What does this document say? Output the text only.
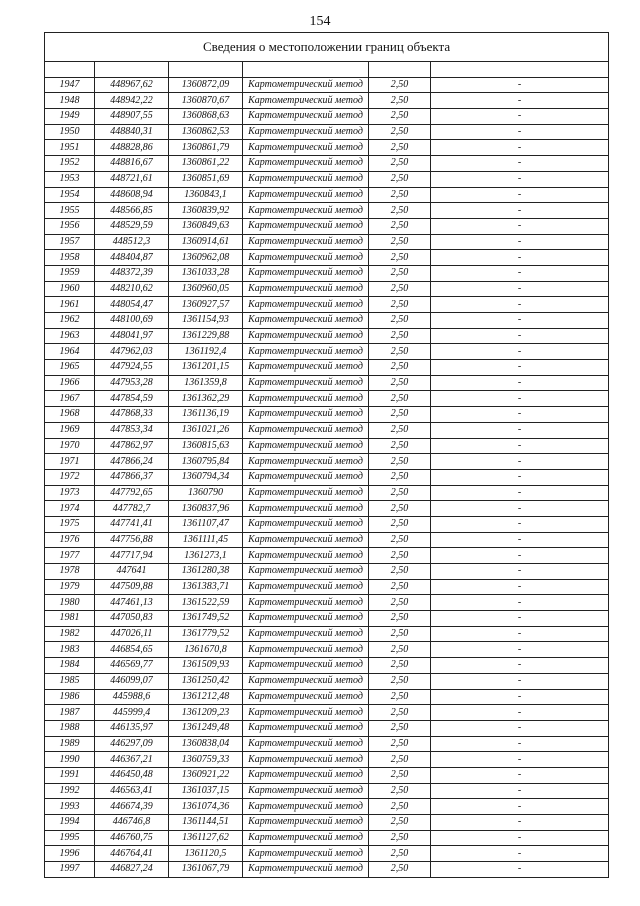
154
Сведения о местоположении границ объекта					

1947	448967,62	1360872,09	Картометрический метод	2,50	-
1948	448942,22	1360870,67	Картометрический метод	2,50	-
1949	448907,55	1360868,63	Картометрический метод	2,50	-
1950	448840,31	1360862,53	Картометрический метод	2,50	-
1951	448828,86	1360861,79	Картометрический метод	2,50	-
1952	448816,67	1360861,22	Картометрический метод	2,50	-
1953	448721,61	1360851,69	Картометрический метод	2,50	-
1954	448608,94	1360843,1	Картометрический метод	2,50	-
1955	448566,85	1360839,92	Картометрический метод	2,50	-
1956	448529,59	1360849,63	Картометрический метод	2,50	-
1957	448512,3	1360914,61	Картометрический метод	2,50	-
1958	448404,87	1360962,08	Картометрический метод	2,50	-
1959	448372,39	1361033,28	Картометрический метод	2,50	-
1960	448210,62	1360960,05	Картометрический метод	2,50	-
1961	448054,47	1360927,57	Картометрический метод	2,50	-
1962	448100,69	1361154,93	Картометрический метод	2,50	-
1963	448041,97	1361229,88	Картометрический метод	2,50	-
1964	447962,03	1361192,4	Картометрический метод	2,50	-
1965	447924,55	1361201,15	Картометрический метод	2,50	-
1966	447953,28	1361359,8	Картометрический метод	2,50	-
1967	447854,59	1361362,29	Картометрический метод	2,50	-
1968	447868,33	1361136,19	Картометрический метод	2,50	-
1969	447853,34	1361021,26	Картометрический метод	2,50	-
1970	447862,97	1360815,63	Картометрический метод	2,50	-
1971	447866,24	1360795,84	Картометрический метод	2,50	-
1972	447866,37	1360794,34	Картометрический метод	2,50	-
1973	447792,65	1360790	Картометрический метод	2,50	-
1974	447782,7	1360837,96	Картометрический метод	2,50	-
1975	447741,41	1361107,47	Картометрический метод	2,50	-
1976	447756,88	1361111,45	Картометрический метод	2,50	-
1977	447717,94	1361273,1	Картометрический метод	2,50	-
1978	447641	1361280,38	Картометрический метод	2,50	-
1979	447509,88	1361383,71	Картометрический метод	2,50	-
1980	447461,13	1361522,59	Картометрический метод	2,50	-
1981	447050,83	1361749,52	Картометрический метод	2,50	-
1982	447026,11	1361779,52	Картометрический метод	2,50	-
1983	446854,65	1361670,8	Картометрический метод	2,50	-
1984	446569,77	1361509,93	Картометрический метод	2,50	-
1985	446099,07	1361250,42	Картометрический метод	2,50	-
1986	445988,6	1361212,48	Картометрический метод	2,50	-
1987	445999,4	1361209,23	Картометрический метод	2,50	-
1988	446135,97	1361249,48	Картометрический метод	2,50	-
1989	446297,09	1360838,04	Картометрический метод	2,50	-
1990	446367,21	1360759,33	Картометрический метод	2,50	-
1991	446450,48	1360921,22	Картометрический метод	2,50	-
1992	446563,41	1361037,15	Картометрический метод	2,50	-
1993	446674,39	1361074,36	Картометрический метод	2,50	-
1994	446746,8	1361144,51	Картометрический метод	2,50	-
1995	446760,75	1361127,62	Картометрический метод	2,50	-
1996	446764,41	1361120,5	Картометрический метод	2,50	-
1997	446827,24	1361067,79	Картометрический метод	2,50	-
